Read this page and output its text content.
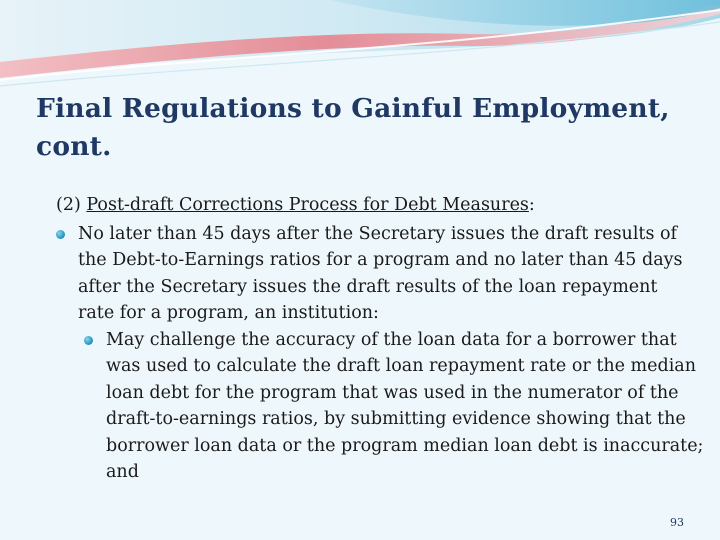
Final Regulations to Gainful Employment, cont.

(2) Post-draft Corrections Process for Debt Measures:

No later than 45 days after the Secretary issues the draft results of the Debt-to-Earnings ratios for a program and no later than 45 days after the Secretary issues the draft results of the loan repayment rate for a program, an institution:
May challenge the accuracy of the loan data for a borrower that was used to calculate the draft loan repayment rate or the median loan debt for the program that was used in the numerator of the draft-to-earnings ratios, by submitting evidence showing that the borrower loan data or the program median loan debt is inaccurate; and
93
